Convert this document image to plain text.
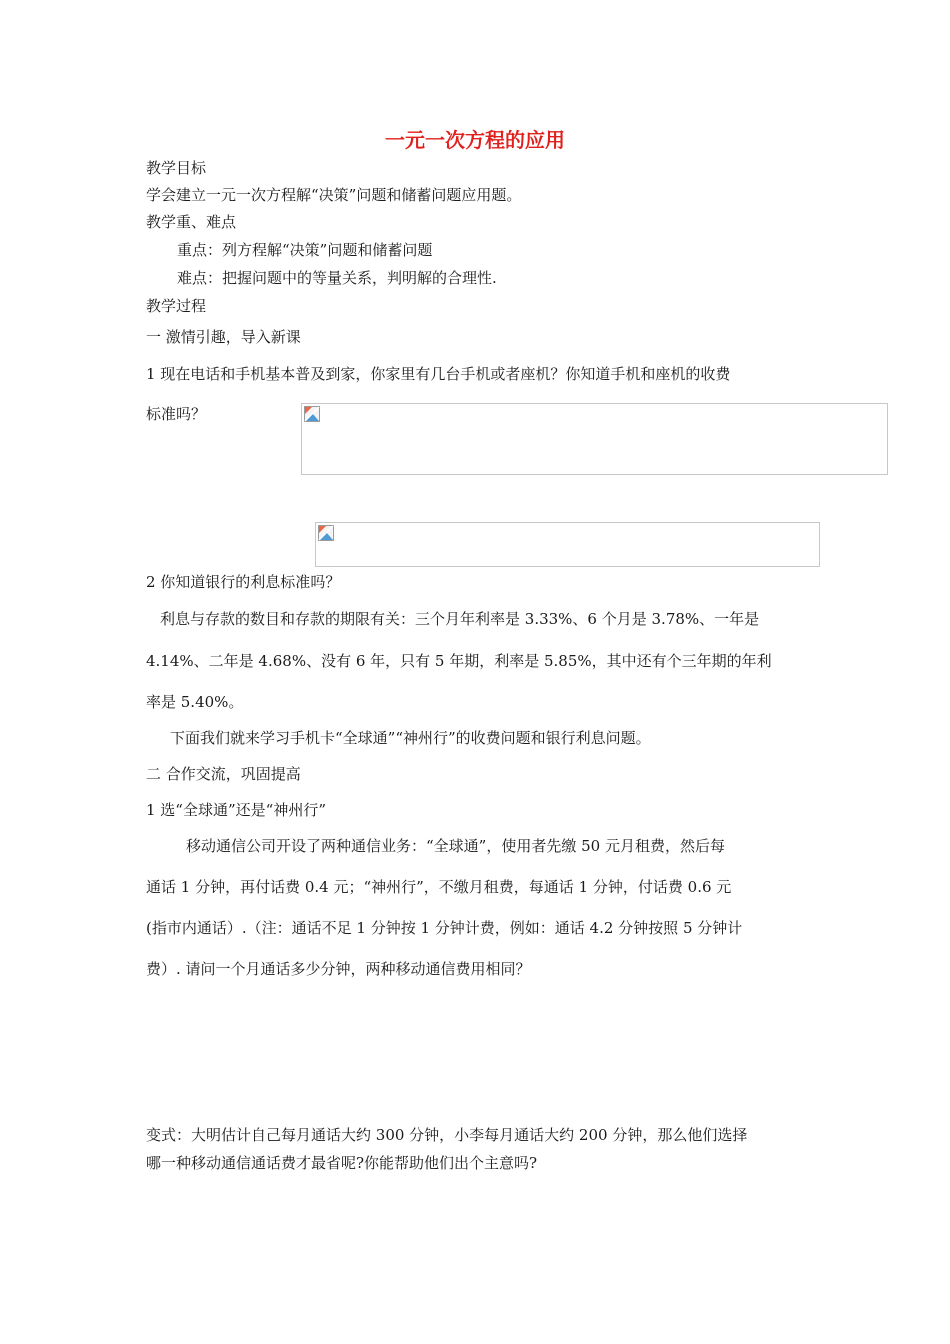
一元一次方程的应用
教学目标
学会建立一元一次方程解“决策”问题和储蓄问题应用题。
教学重、难点
重点：列方程解“决策”问题和储蓄问题
难点：把握问题中的等量关系，判明解的合理性.
教学过程
一 激情引趣，导入新课
1 现在电话和手机基本普及到家，你家里有几台手机或者座机？你知道手机和座机的收费
标准吗？
2 你知道银行的利息标准吗？
利息与存款的数目和存款的期限有关：三个月年利率是 3.33%、6 个月是 3.78%、一年是
4.14%、二年是 4.68%、没有 6 年，只有 5 年期，利率是 5.85%，其中还有个三年期的年利
率是 5.40%。
下面我们就来学习手机卡“全球通”“神州行”的收费问题和银行利息问题。
二 合作交流，巩固提高
1 选“全球通”还是“神州行”
移动通信公司开设了两种通信业务：“全球通”，使用者先缴 50 元月租费，然后每
通话 1 分钟，再付话费 0.4 元；“神州行”，不缴月租费，每通话 1 分钟，付话费 0.6 元
(指市内通话）.（注：通话不足 1 分钟按 1 分钟计费，例如：通话 4.2 分钟按照 5 分钟计
费）. 请问一个月通话多少分钟，两种移动通信费用相同？
变式：大明估计自己每月通话大约 300 分钟，小李每月通话大约 200 分钟，那么他们选择
哪一种移动通信通话费才最省呢?你能帮助他们出个主意吗?
